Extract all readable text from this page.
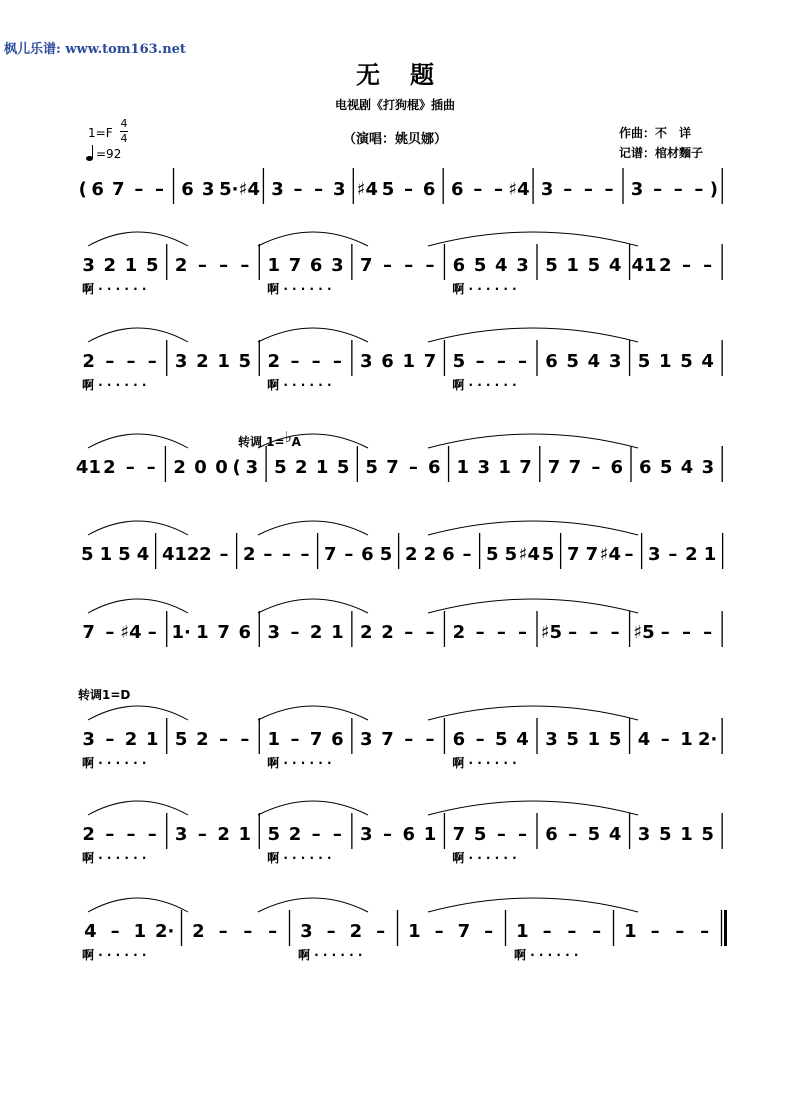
枫儿乐谱: www.tom163.net
无题
电视剧《打狗棍》插曲
（演唱：姚贝娜）	作曲：不　详
记谱：棺材麵子
1=F
4
4
=92
转调 1=♭A
转调1=D
( 6 7 – – 6 3 5· ♯4 3 – – 3 ♯4 5 – 6 6 – – ♯4 3 – – – 3 – – – )
3 2 1 5 2 – – – 1 7 6 3 7 – – – 6 5 4 3 5 1 5 4 41 2 – –
啊 · · · · · ·	啊 · · · · · ·	啊 · · · · · ·
2 – – – 3 2 1 5 2 – – – 3 6 1 7 5 – – – 6 5 4 3 5 1 5 4
啊 · · · · · ·	啊 · · · · · ·	啊 · · · · · ·
41 2 – – 2 0 0 ( 3 5 2 1 5 5 7 – 6 1 3 1 7 7 7 – 6 6 5 4 3
5 1 5 4 4 12 2 – 2 – – – 7 – 6 5 2 2 6 – 5 5 ♯4 5 7 7 ♯4 – 3 – 2 1
7 – ♯4 – 1· 1 7 6 3 – 2 1 2 2 – – 2 – – – ♯5 – – – ♯5 – – –
3 – 2 1 5 2 – – 1 – 7 6 3 7 – – 6 – 5 4 3 5 1 5 4 – 1 2·
啊 · · · · · ·	啊 · · · · · ·	啊 · · · · · ·
2 – – – 3 – 2 1 5 2 – – 3 – 6 1 7 5 – – 6 – 5 4 3 5 1 5
啊 · · · · · ·	啊 · · · · · ·	啊 · · · · · ·
4 – 1 2· 2 – – – 3 – 2 – 1 – 7 – 1 – – – 1 – – –
啊 · · · · · ·	啊 · · · · · ·	啊 · · · · · ·
